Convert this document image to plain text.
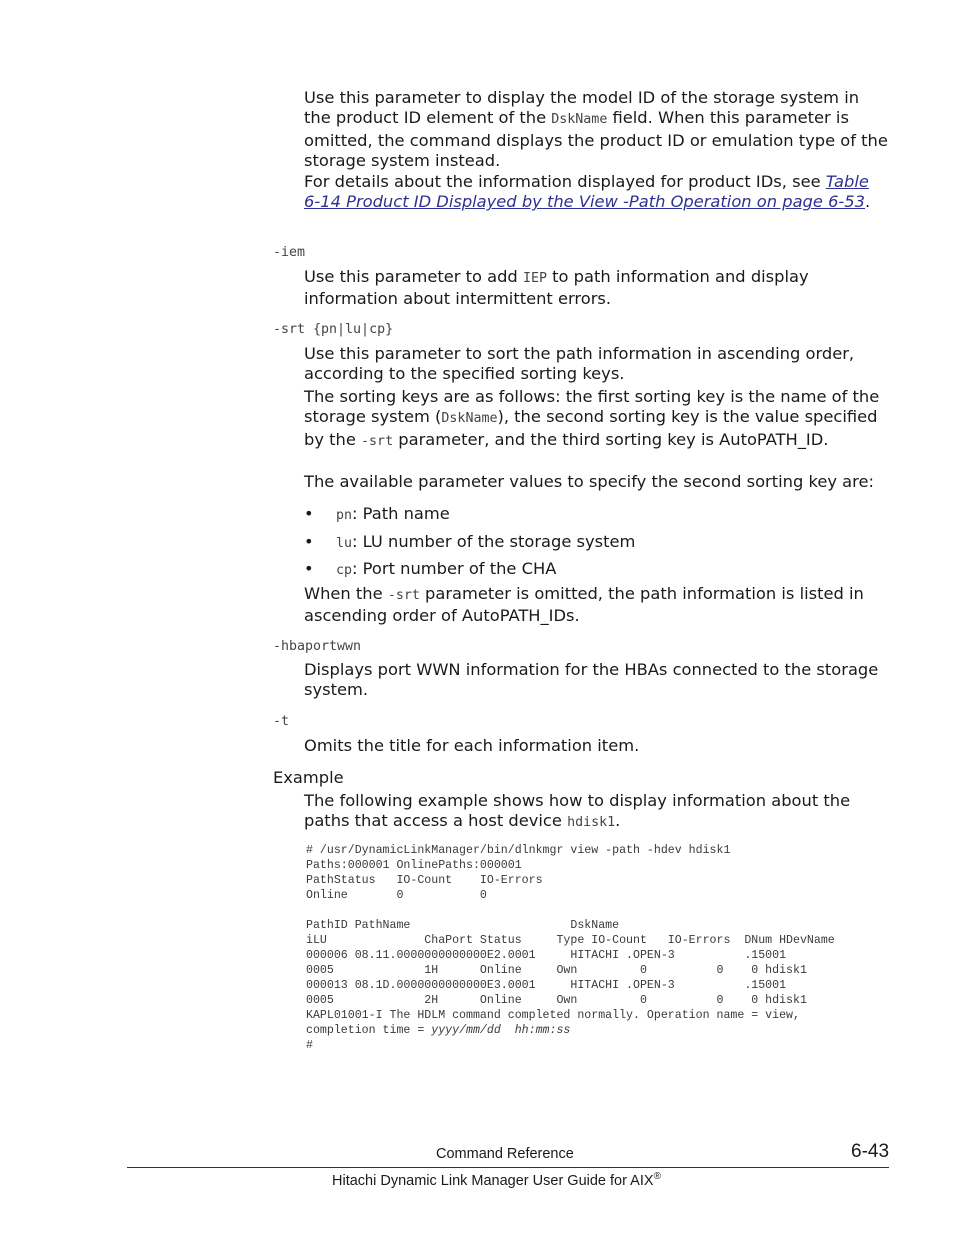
Use this parameter to display the model ID of the storage system in the product ID element of the DskName field. When this parameter is omitted, the command displays the product ID or emulation type of the storage system instead.

For details about the information displayed for product IDs, see Table 6-14 Product ID Displayed by the View -Path Operation on page 6-53.

-iem

Use this parameter to add IEP to path information and display information about intermittent errors.

-srt {pn|lu|cp}

Use this parameter to sort the path information in ascending order, according to the specified sorting keys.

The sorting keys are as follows: the first sorting key is the name of the storage system (DskName), the second sorting key is the value specified by the -srt parameter, and the third sorting key is AutoPATH_ID.

The available parameter values to specify the second sorting key are:

• pn: Path name
• lu: LU number of the storage system
• cp: Port number of the CHA

When the -srt parameter is omitted, the path information is listed in ascending order of AutoPATH_IDs.

-hbaportwwn

Displays port WWN information for the HBAs connected to the storage system.

-t

Omits the title for each information item.

Example

The following example shows how to display information about the paths that access a host device hdisk1.

# /usr/DynamicLinkManager/bin/dlnkmgr view -path -hdev hdisk1
Paths:000001 OnlinePaths:000001
PathStatus   IO-Count    IO-Errors
Online       0           0

PathID PathName                       DskName
iLU              ChaPort Status     Type IO-Count   IO-Errors  DNum HDevName
000006 08.11.0000000000000E2.0001     HITACHI .OPEN-3          .15001
0005             1H      Online     Own         0          0    0 hdisk1
000013 08.1D.0000000000000E3.0001     HITACHI .OPEN-3          .15001
0005             2H      Online     Own         0          0    0 hdisk1
KAPL01001-I The HDLM command completed normally. Operation name = view,
completion time = yyyy/mm/dd  hh:mm:ss
#
Command Reference	6-43
Hitachi Dynamic Link Manager User Guide for AIX®
